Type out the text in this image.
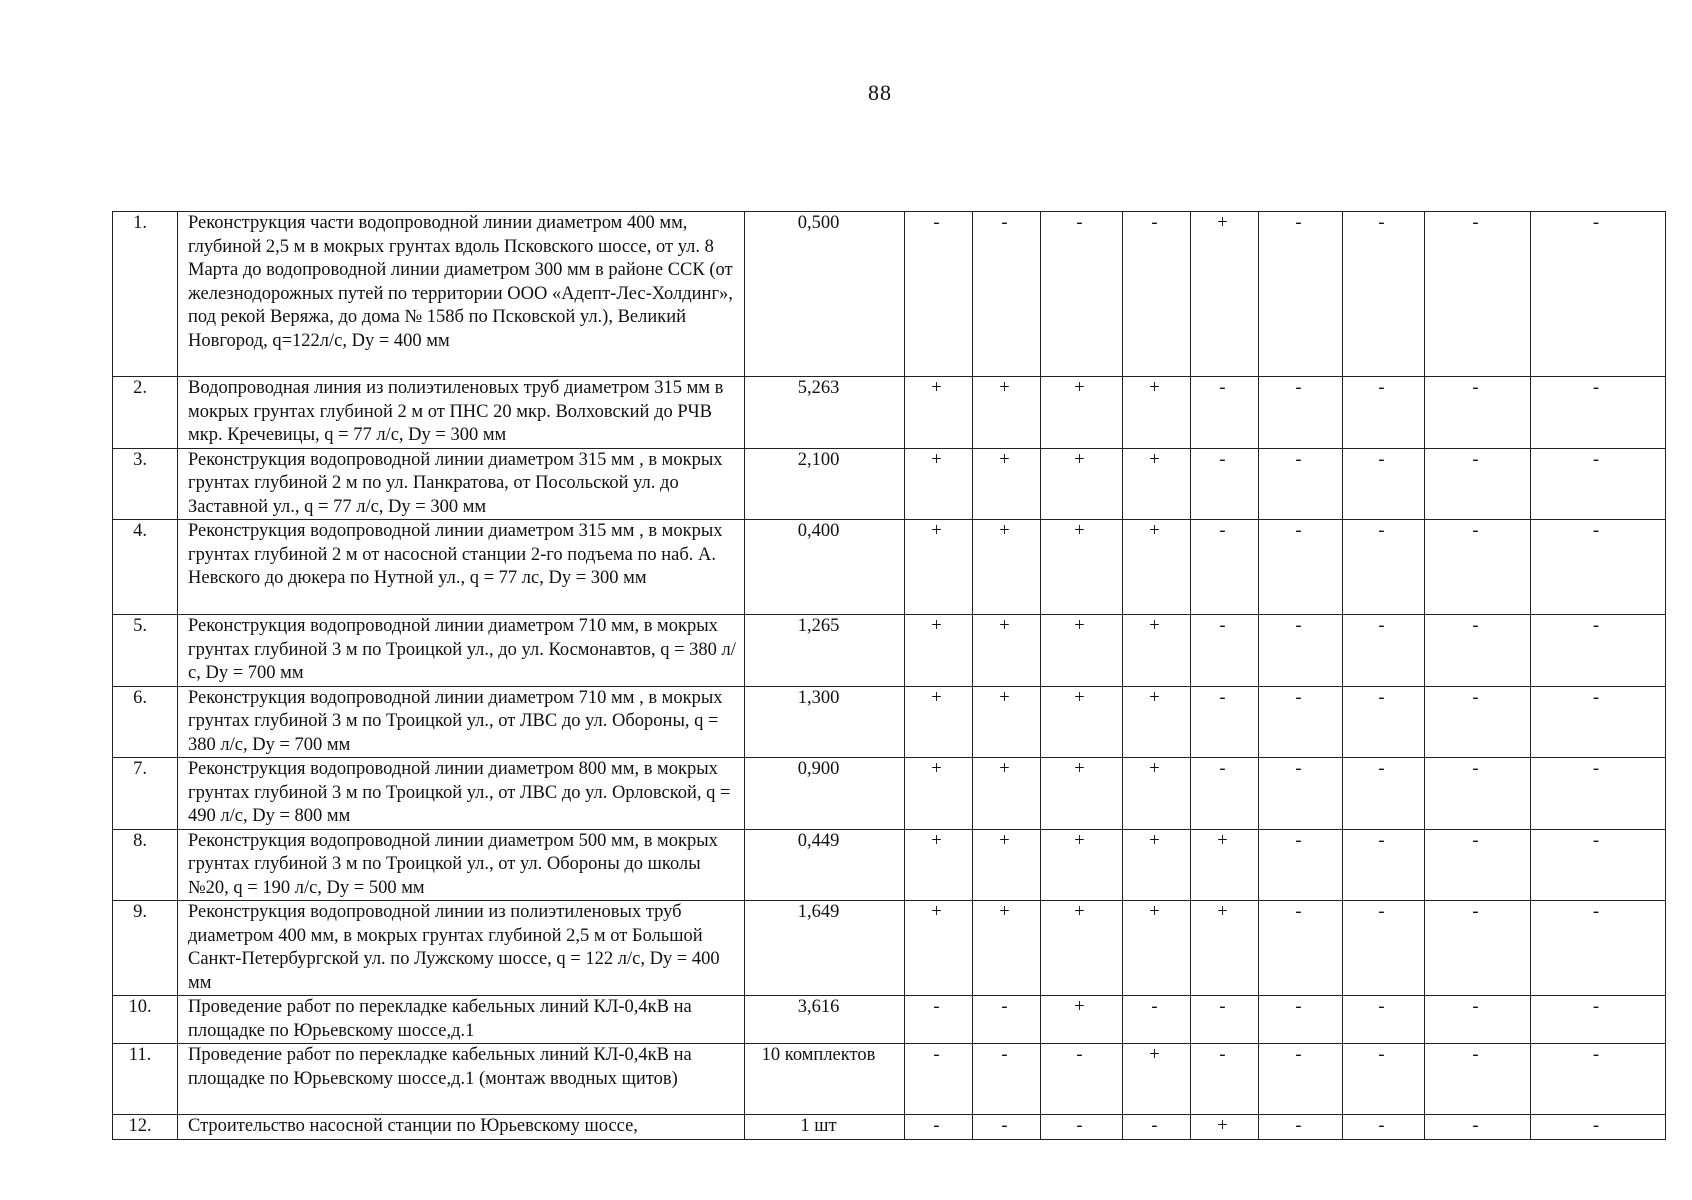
88
1.	Реконструкция части водопроводной линии диаметром 400 мм, глубиной 2,5 м в мокрых грунтах вдоль Псковского шоссе, от ул. 8 Марта до водопроводной линии диаметром 300 мм в районе ССК (от железнодорожных путей по территории ООО «Адепт-Лес-Холдинг», под рекой Веряжа, до дома № 158б по Псковской ул.), Великий Новгород, q=122л/с, Dy = 400 мм	0,500	-	-	-	-	+	-	-	-	-
2.	Водопроводная линия из полиэтиленовых труб диаметром 315 мм в мокрых грунтах глубиной 2 м от ПНС 20 мкр. Волховский до РЧВ мкр. Кречевицы, q = 77 л/с, Dy = 300 мм	5,263	+	+	+	+	-	-	-	-	-
3.	Реконструкция водопроводной линии диаметром 315 мм , в мокрых грунтах глубиной 2 м по ул. Панкратова, от Посольской ул. до Заставной ул., q = 77 л/с, Dy = 300 мм	2,100	+	+	+	+	-	-	-	-	-
4.	Реконструкция водопроводной линии диаметром 315 мм , в мокрых грунтах глубиной 2 м от насосной станции 2-го подъема по наб. А. Невского до дюкера по Нутной ул., q = 77 лс, Dy = 300 мм	0,400	+	+	+	+	-	-	-	-	-
5.	Реконструкция водопроводной линии диаметром 710 мм, в мокрых грунтах глубиной 3 м по Троицкой ул., до ул. Космонавтов, q = 380 л/с, Dy = 700 мм	1,265	+	+	+	+	-	-	-	-	-
6.	Реконструкция водопроводной линии диаметром 710 мм , в мокрых грунтах глубиной 3 м по Троицкой ул., от ЛВС до ул. Обороны, q = 380 л/с, Dy = 700 мм	1,300	+	+	+	+	-	-	-	-	-
7.	Реконструкция водопроводной линии диаметром 800 мм, в мокрых грунтах глубиной 3 м по Троицкой ул., от ЛВС до ул. Орловской, q = 490 л/с, Dy = 800 мм	0,900	+	+	+	+	-	-	-	-	-
8.	Реконструкция водопроводной линии диаметром 500 мм, в мокрых грунтах глубиной 3 м по Троицкой ул., от ул. Обороны до школы №20, q = 190 л/с, Dy = 500 мм	0,449	+	+	+	+	+	-	-	-	-
9.	Реконструкция водопроводной линии из полиэтиленовых труб диаметром 400 мм, в мокрых грунтах глубиной 2,5 м от Большой Санкт-Петербургской ул. по Лужскому шоссе, q = 122 л/с, Dy = 400 мм	1,649	+	+	+	+	+	-	-	-	-
10.	Проведение работ по перекладке кабельных линий КЛ-0,4кВ на площадке по Юрьевскому шоссе,д.1	3,616	-	-	+	-	-	-	-	-	-
11.	Проведение работ по перекладке кабельных линий КЛ-0,4кВ на площадке по Юрьевскому шоссе,д.1 (монтаж вводных щитов)	10 комплектов	-	-	-	+	-	-	-	-	-
12.	Строительство насосной станции по Юрьевскому шоссе,	1 шт	-	-	-	-	+	-	-	-	-
